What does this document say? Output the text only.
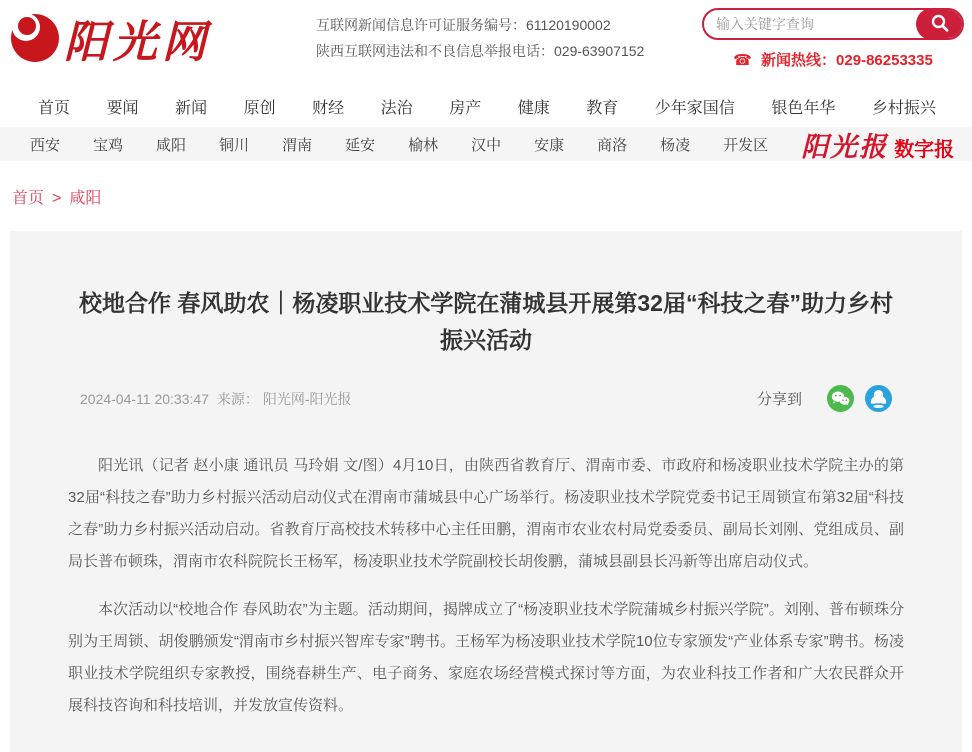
阳光网	互联网新闻信息许可证服务编号：61120190002
陕西互联网违法和不良信息举报电话：029-63907152
输入关键字查询
☎ 新闻热线：029-86253335
首页 要闻 新闻 原创 财经 法治 房产 健康 教育 少年家国信 银色年华 乡村振兴
西安 宝鸡 咸阳 铜川 渭南 延安 榆林 汉中 安康 商洛 杨凌 开发区 阳光报 数字报
首页 > 咸阳
校地合作 春风助农｜杨凌职业技术学院在蒲城县开展第32届“科技之春”助力乡村振兴活动
2024-04-11 20:33:47 来源： 阳光网-阳光报	分享到

阳光讯（记者 赵小康 通讯员 马玲娟 文/图）4月10日，由陕西省教育厅、渭南市委、市政府和杨凌职业技术学院主办的第32届“科技之春”助力乡村振兴活动启动仪式在渭南市蒲城县中心广场举行。杨凌职业技术学院党委书记王周锁宣布第32届“科技之春”助力乡村振兴活动启动。省教育厅高校技术转移中心主任田鹏，渭南市农业农村局党委委员、副局长刘刚、党组成员、副局长普布顿珠，渭南市农科院院长王杨军，杨凌职业技术学院副校长胡俊鹏，蒲城县副县长冯新等出席启动仪式。

本次活动以“校地合作 春风助农”为主题。活动期间，揭牌成立了“杨凌职业技术学院蒲城乡村振兴学院”。刘刚、普布顿珠分别为王周锁、胡俊鹏颁发“渭南市乡村振兴智库专家”聘书。王杨军为杨凌职业技术学院10位专家颁发“产业体系专家”聘书。杨凌职业技术学院组织专家教授，围绕春耕生产、电子商务、家庭农场经营模式探讨等方面，为农业科技工作者和广大农民群众开展科技咨询和科技培训，并发放宣传资料。
